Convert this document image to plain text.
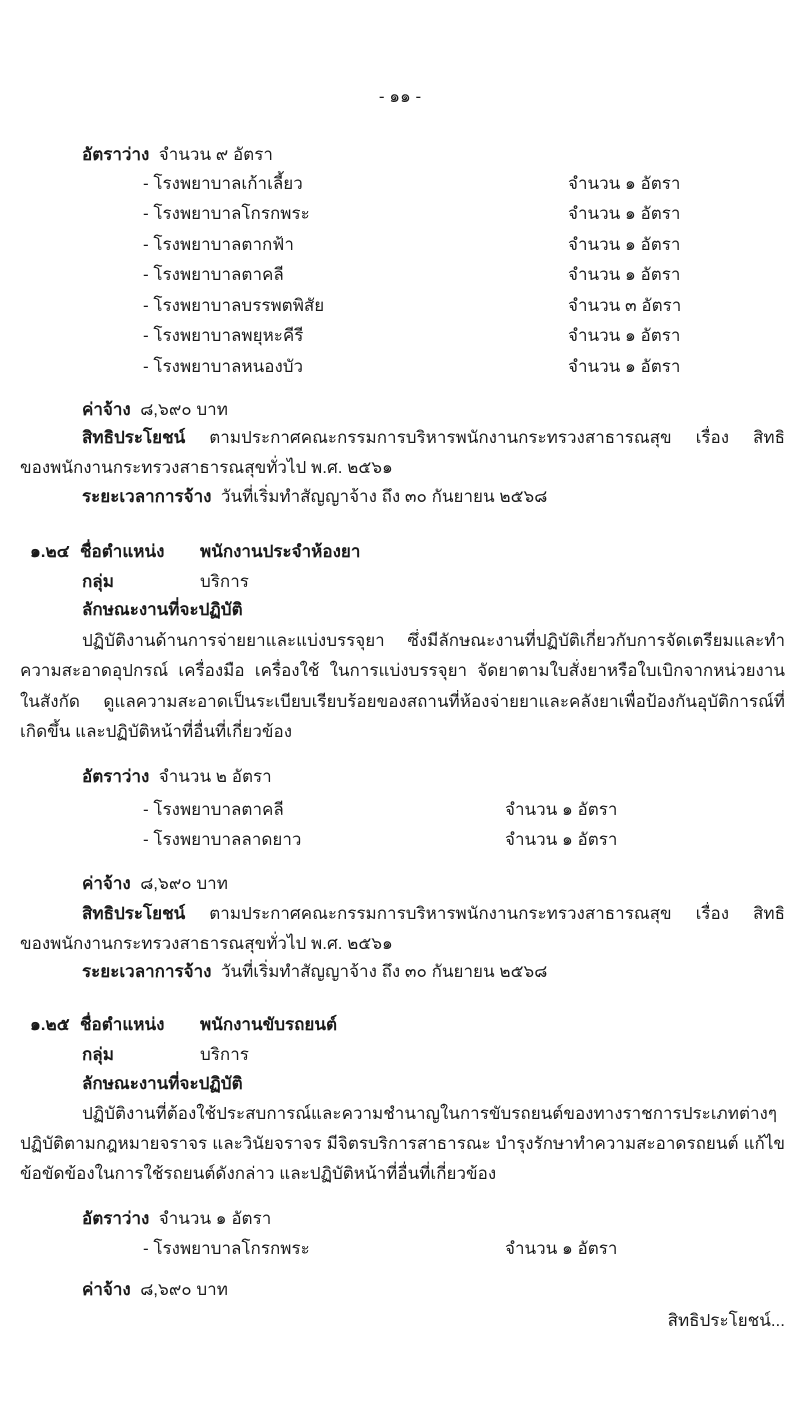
- ๑๑ -
อัตราว่าง จำนวน ๙ อัตรา
- โรงพยาบาลเก้าเลี้ยว	จำนวน ๑ อัตรา
- โรงพยาบาลโกรกพระ	จำนวน ๑ อัตรา
- โรงพยาบาลตากฟ้า	จำนวน ๑ อัตรา
- โรงพยาบาลตาคลี	จำนวน ๑ อัตรา
- โรงพยาบาลบรรพตพิสัย	จำนวน ๓ อัตรา
- โรงพยาบาลพยุหะคีรี	จำนวน ๑ อัตรา
- โรงพยาบาลหนองบัว	จำนวน ๑ อัตรา
ค่าจ้าง ๘,๖๙๐ บาท
สิทธิประโยชน์ ตามประกาศคณะกรรมการบริหารพนักงานกระทรวงสาธารณสุข เรื่อง สิทธิ
ของพนักงานกระทรวงสาธารณสุขทั่วไป พ.ศ. ๒๕๖๑
ระยะเวลาการจ้าง วันที่เริ่มทำสัญญาจ้าง ถึง ๓๐ กันยายน ๒๕๖๘
๑.๒๔ ชื่อตำแหน่ง พนักงานประจำห้องยา
กลุ่ม	บริการ
ลักษณะงานที่จะปฏิบัติ
ปฏิบัติงานด้านการจ่ายยาและแบ่งบรรจุยา ซึ่งมีลักษณะงานที่ปฏิบัติเกี่ยวกับการจัดเตรียมและทำ
ความสะอาดอุปกรณ์ เครื่องมือ เครื่องใช้ ในการแบ่งบรรจุยา จัดยาตามใบสั่งยาหรือใบเบิกจากหน่วยงาน
ในสังกัด ดูแลความสะอาดเป็นระเบียบเรียบร้อยของสถานที่ห้องจ่ายยาและคลังยาเพื่อป้องกันอุบัติการณ์ที่
เกิดขึ้น และปฏิบัติหน้าที่อื่นที่เกี่ยวข้อง
อัตราว่าง จำนวน ๒ อัตรา
- โรงพยาบาลตาคลี	จำนวน ๑ อัตรา
- โรงพยาบาลลาดยาว	จำนวน ๑ อัตรา
ค่าจ้าง ๘,๖๙๐ บาท
สิทธิประโยชน์ ตามประกาศคณะกรรมการบริหารพนักงานกระทรวงสาธารณสุข เรื่อง สิทธิ
ของพนักงานกระทรวงสาธารณสุขทั่วไป พ.ศ. ๒๕๖๑
ระยะเวลาการจ้าง วันที่เริ่มทำสัญญาจ้าง ถึง ๓๐ กันยายน ๒๕๖๘
๑.๒๕ ชื่อตำแหน่ง พนักงานขับรถยนต์
กลุ่ม	บริการ
ลักษณะงานที่จะปฏิบัติ
ปฏิบัติงานที่ต้องใช้ประสบการณ์และความชำนาญในการขับรถยนต์ของทางราชการประเภทต่างๆ
ปฏิบัติตามกฎหมายจราจร และวินัยจราจร มีจิตรบริการสาธารณะ บำรุงรักษาทำความสะอาดรถยนต์ แก้ไข
ข้อขัดข้องในการใช้รถยนต์ดังกล่าว และปฏิบัติหน้าที่อื่นที่เกี่ยวข้อง
อัตราว่าง จำนวน ๑ อัตรา
- โรงพยาบาลโกรกพระ	จำนวน ๑ อัตรา
ค่าจ้าง ๘,๖๙๐ บาท
สิทธิประโยชน์...
